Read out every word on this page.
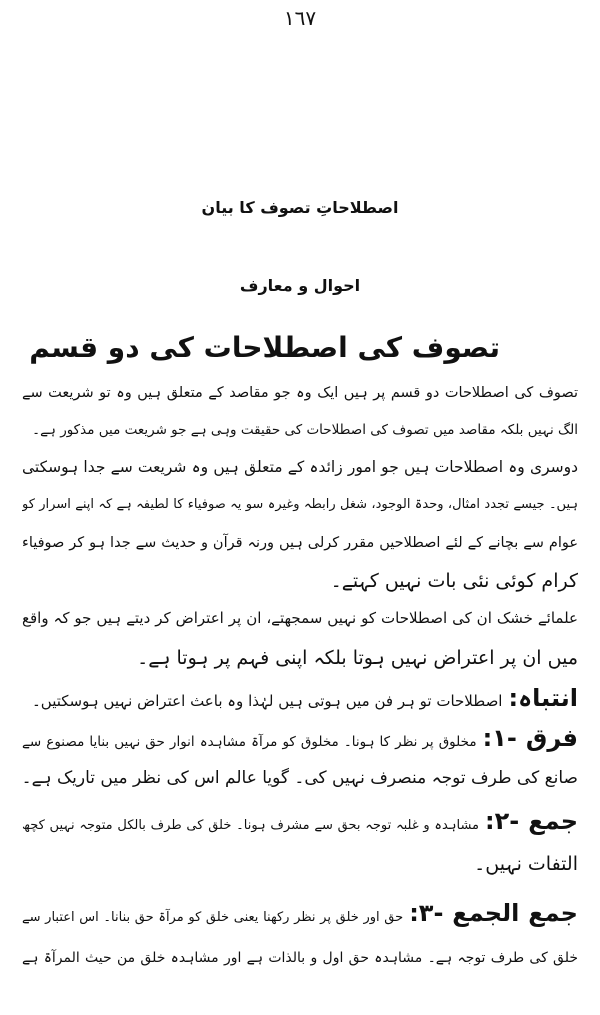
١٦٧
اصطلاحاتِ تصوف کا بیان
احوال و معارف
تصوف کی اصطلاحات کی دو قسم
تصوف کی اصطلاحات دو قسم پر ہیں ایک وہ جو مقاصد کے متعلق ہیں وہ تو شریعت سے
الگ نہیں بلکہ مقاصد میں تصوف کی اصطلاحات کی حقیقت وہی ہے جو شریعت میں مذکور ہے۔
دوسری وہ اصطلاحات ہیں جو امور زائدہ کے متعلق ہیں وہ شریعت سے جدا ہوسکتی
ہیں۔ جیسے تجدد امثال، وحدۃ الوجود، شغل رابطہ وغیرہ سو یہ صوفیاء کا لطیفہ ہے کہ اپنے اسرار کو
عوام سے بچانے کے لئے اصطلاحیں مقرر کرلی ہیں ورنہ قرآن و حدیث سے جدا ہو کر صوفیاء
کرام کوئی نئی بات نہیں کہتے۔
علمائے خشک ان کی اصطلاحات کو نہیں سمجھتے، ان پر اعتراض کر دیتے ہیں جو کہ واقع
میں ان پر اعتراض نہیں ہوتا بلکہ اپنی فہم پر ہوتا ہے۔
انتباہ:اصطلاحات تو ہر فن میں ہوتی ہیں لہٰذا وہ باعث اعتراض نہیں ہوسکتیں۔
فرق -۱:مخلوق پر نظر کا ہونا۔ مخلوق کو مرآۃ مشاہدہ انوار حق نہیں بنایا مصنوع سے
صانع کی طرف توجہ منصرف نہیں کی۔ گویا عالم اس کی نظر میں تاریک ہے۔
جمع -۲:مشاہدہ و غلبہ توجہ بحق سے مشرف ہونا۔ خلق کی طرف بالکل متوجہ نہیں کچھ
التفات نہیں۔
جمع الجمع -۳:حق اور خلق پر نظر رکھنا یعنی خلق کو مرآۃ حق بنانا۔ اس اعتبار سے
خلق کی طرف توجہ ہے۔ مشاہدہ حق اول و بالذات ہے اور مشاہدہ خلق من حیث المرآۃ ہے
